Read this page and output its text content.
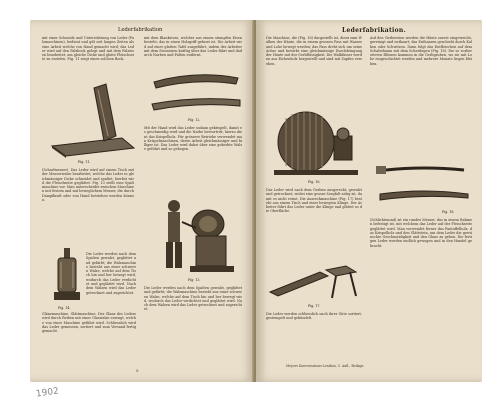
Lederfabrikation
mit einer Schneide und Unterstützung von Leder (Falzmaschinen), bedient und gilt seit langen Zeiten als eine Arbeit welche von Hand gemacht wird; das Leder wird auf den Falzbock gelegt und mit dem Falzeisen bearbeitet, um gleiche Dicke und glatte Fleischseite zu erzielen. Fig. 11 zeigt einen solchen Bock.
Fig. 11.
(Scharfmesser). Das Leder wird auf einem Tisch mit der Messerwalze bearbeitet, welche das Leder in gleichmässiger Dicke schneidet und spaltet; hierbei wird die Fleischseite geglättet. Fig. 13 stellt eine Spaltmaschine vor. Man unterscheidet zwischen Maschinen mit festem und mit beweglichem Messer, die durch Dampfkraft oder von Hand betrieben werden können.
Fig. 14.
Die Leder werden nach dem Spalten gewalzt, geglättet und gefärbt; die Walzmaschine besteht aus einer schweren Walze, welche auf dem Tisch hin und her bewegt wird, wodurch das Leder verdichtet und geglättet wird. Nach dem Walzen wird das Leder getrocknet und zugerichtet.
Glänzmaschine, Glättmaschine. Der Glanz des Leders wird durch Reiben mit einer Glaswalze erzeugt, welche von einer Maschine geführt wird. Schliesslich wird das Leder gemessen, sortiert und zum Versand fertig gemacht.
mit dem Blankstoss, welcher aus einem stumpfen Eisen besteht, das in einen Holzgriff gefasst ist. Die Arbeit wird auf einer glatten Tafel ausgeführt, indem der Arbeiter mit dem Stosseisen kräftig über das Leder fährt und dadurch Narben und Falten entfernt.
Fig. 12.
Mit der Hand wird das Leder sodann gekrispelt, damit es geschmeidig wird und die Narbe hervortritt; hierzu dient das Krispelholz. Für grössere Betriebe verwendet man Krispelmaschinen, deren Arbeit gleichmässiger und billiger ist. Das Leder wird dabei über eine gekerbte Walze geführt und so gebogen.
Fig. 13.
Die Leder werden nach dem Spalten gewalzt, geglättet und gefärbt; die Walzmaschine besteht aus einer schweren Walze, welche auf dem Tisch hin und her bewegt wird, wodurch das Leder verdichtet und geglättet wird. Nach dem Walzen wird das Leder getrocknet und zugerichtet.
5
Lederfabrikation.
Die Maschine, die (Fig. 16) dargestellt ist, dient zum Walken der Häute, die in einem grossen Fass mit Wasser und Lohe bewegt werden; das Fass dreht sich um seine Achse und bewirkt eine gleichmässige Durchdringung der Häute mit der Gerbflüssigkeit. Die Walkfässer werden aus Eichenholz hergestellt und sind mit Zapfen versehen.
Fig. 16.
Das Leder wird nach dem Gerben ausgereckt, gewalzt und getrocknet, wobei eine grosse Sorgfalt nötig ist, damit es nicht reisst. Die Ausreckmaschine (Fig. 17) besteht aus einem Tisch und einer bewegten Klinge. Der Arbeiter führt das Leder unter die Klinge und glättet so die Oberfläche.
Fig. 17.
Die Leder werden schliesslich nach ihrer Güte sortiert, gestempelt und gebündelt.
Meyers Konversations-Lexikon, 5. Aufl., Beilage.
Auf den Gerbereien werden die Häute zuerst eingeweicht, gereinigt und enthaart; das Enthaaren geschieht durch Kalken oder Schwitzen. Dann folgt das Entfleischen auf dem Schabebaum mit dem Scherdegen (Fig. 18). Die so vorbereiteten Blössen kommen in die Gerbgruben, wo sie mit Lohe eingeschichtet werden und mehrere Monate liegen bleiben.
Fig. 18.
(Schlichtmond) ist ein rundes Messer, das in einem Rahmen befestigt ist, mit welchem das Leder auf der Fleischseite geglättet wird. Man verwendet ferner das Pantoffelholz, das Krispelholz und den Glättstein, um dem Leder die gewünschte Geschmeidigkeit und den Glanz zu geben. Die fertigen Leder werden endlich gewogen und in den Handel gebracht.
1902
